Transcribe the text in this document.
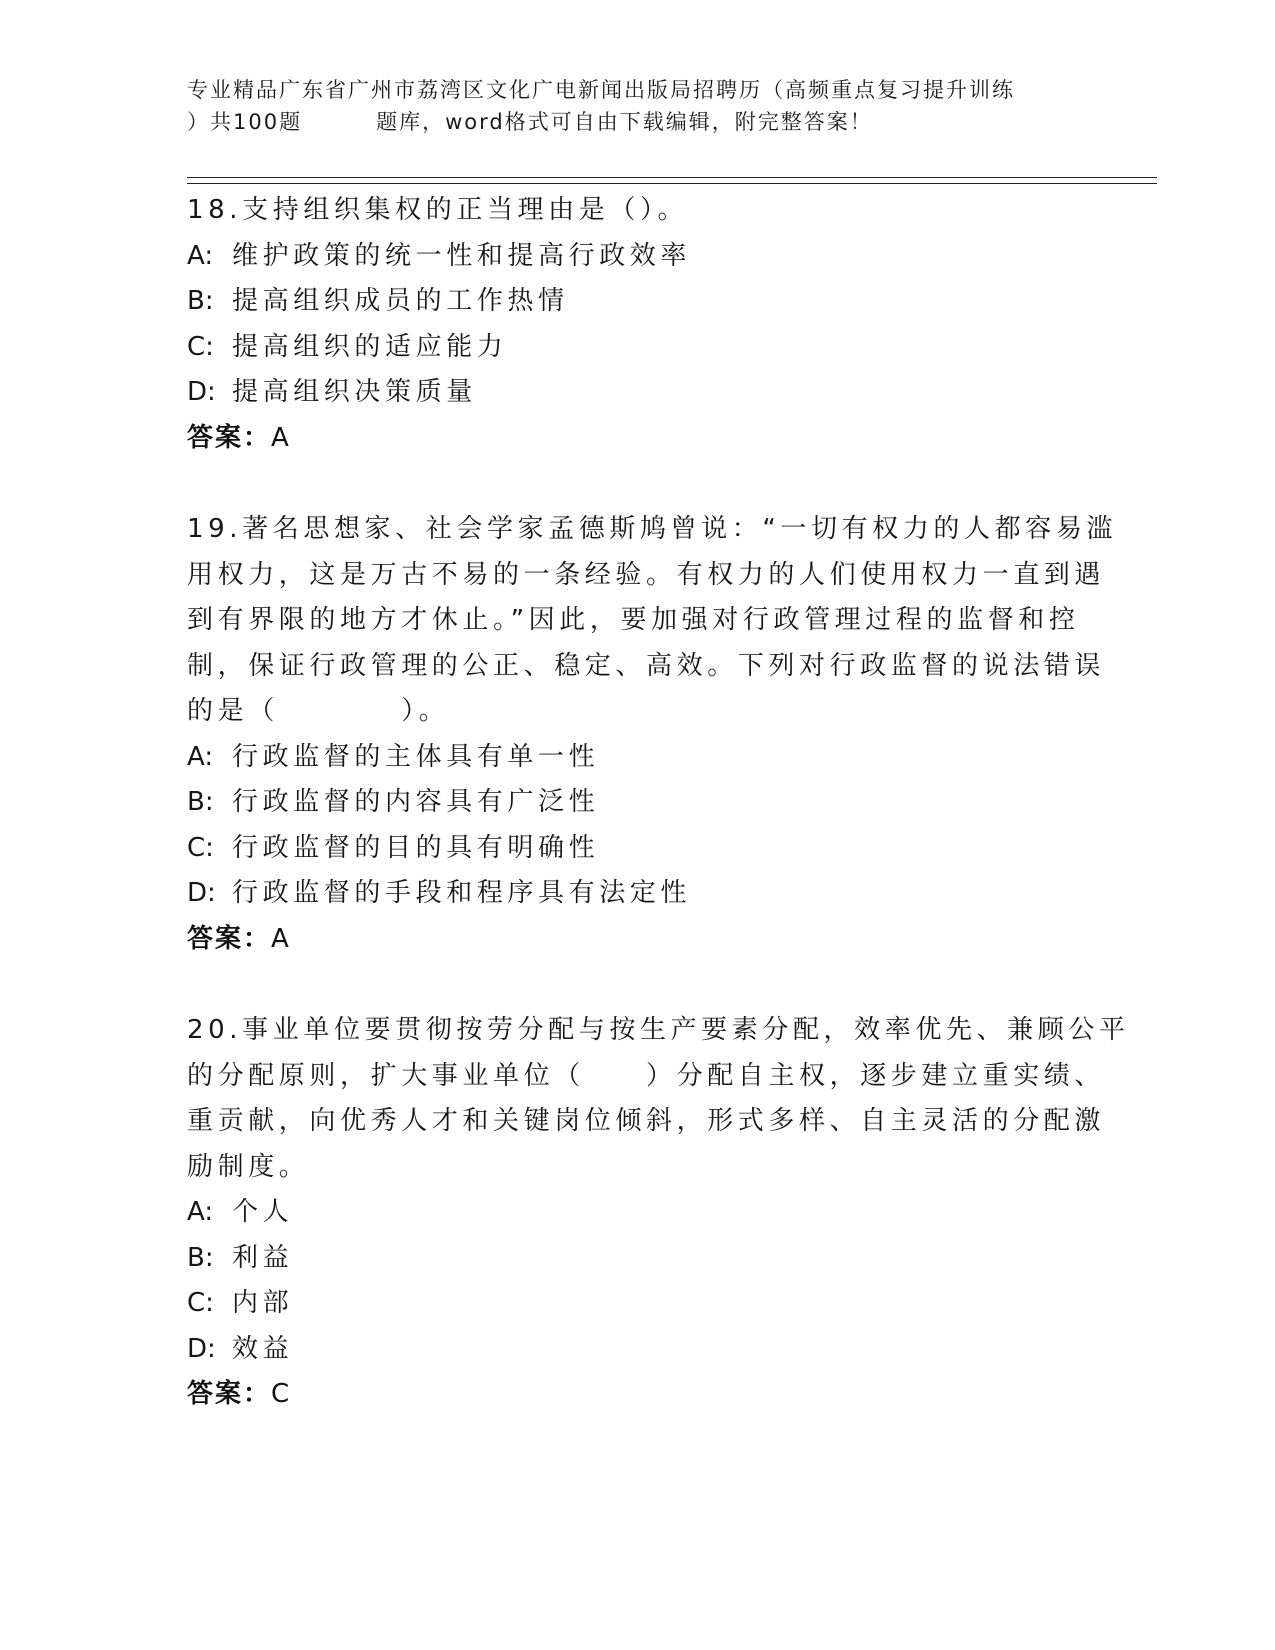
专业精品广东省广州市荔湾区文化广电新闻出版局招聘历（高频重点复习提升训练
）共100题	题库，word格式可自由下载编辑，附完整答案！
18.支持组织集权的正当理由是（）。
A: 维护政策的统一性和提高行政效率
B: 提高组织成员的工作热情
C: 提高组织的适应能力
D: 提高组织决策质量
答案：A
19.著名思想家、社会学家孟德斯鸠曾说：“一切有权力的人都容易滥
用权力，这是万古不易的一条经验。有权力的人们使用权力一直到遇
到有界限的地方才休止。”因此，要加强对行政管理过程的监督和控
制，保证行政管理的公正、稳定、高效。下列对行政监督的说法错误
的是（　　　　）。
A: 行政监督的主体具有单一性
B: 行政监督的内容具有广泛性
C: 行政监督的目的具有明确性
D: 行政监督的手段和程序具有法定性
答案：A
20.事业单位要贯彻按劳分配与按生产要素分配，效率优先、兼顾公平
的分配原则，扩大事业单位（　　）分配自主权，逐步建立重实绩、
重贡献，向优秀人才和关键岗位倾斜，形式多样、自主灵活的分配激
励制度。
A: 个人
B: 利益
C: 内部
D: 效益
答案：C
